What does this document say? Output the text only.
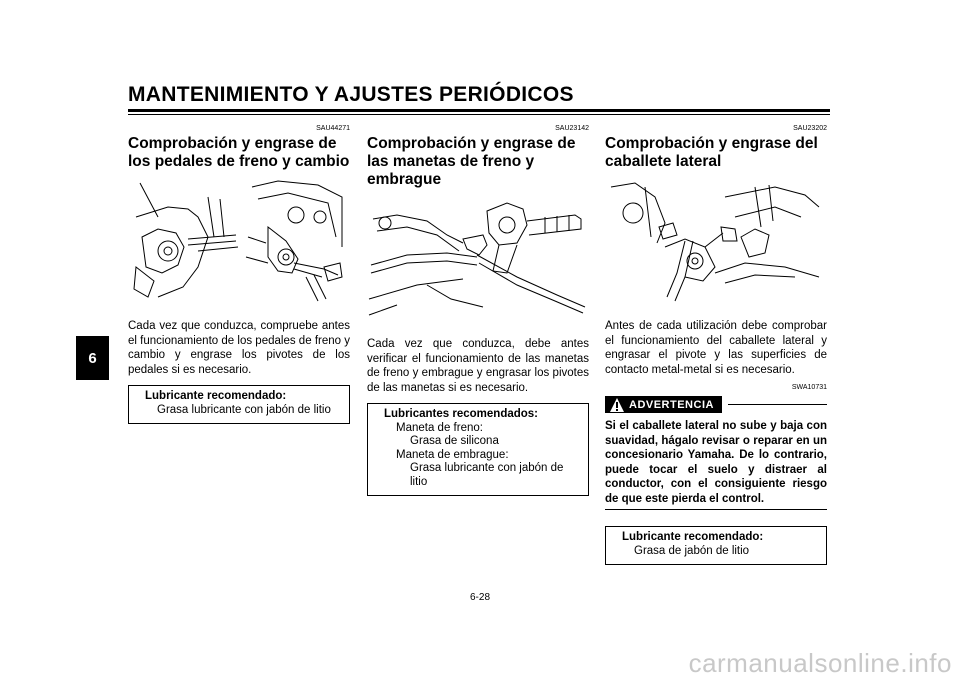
MANTENIMIENTO Y AJUSTES PERIÓDICOS
6
SAU44271
Comprobación y engrase de los pedales de freno y cambio
Cada vez que conduzca, compruebe antes el funcionamiento de los pedales de freno y cambio y engrase los pivotes de los pedales si es necesario.
Lubricante recomendado:
Grasa lubricante con jabón de litio
SAU23142
Comprobación y engrase de las manetas de freno y embrague
Cada vez que conduzca, debe antes verificar el funcionamiento de las manetas de freno y embrague y engrasar los pivotes de las manetas si es necesario.
Lubricantes recomendados:
Maneta de freno:
Grasa de silicona
Maneta de embrague:
Grasa lubricante con jabón de litio
SAU23202
Comprobación y engrase del caballete lateral
Antes de cada utilización debe comprobar el funcionamiento del caballete lateral y engrasar el pivote y las superficies de contacto metal-metal si es necesario.
SWA10731
ADVERTENCIA
Si el caballete lateral no sube y baja con suavidad, hágalo revisar o reparar en un concesionario Yamaha. De lo contrario, puede tocar el suelo y distraer al conductor, con el consiguiente riesgo de que este pierda el control.
Lubricante recomendado:
Grasa de jabón de litio
6-28
carmanualsonline.info
